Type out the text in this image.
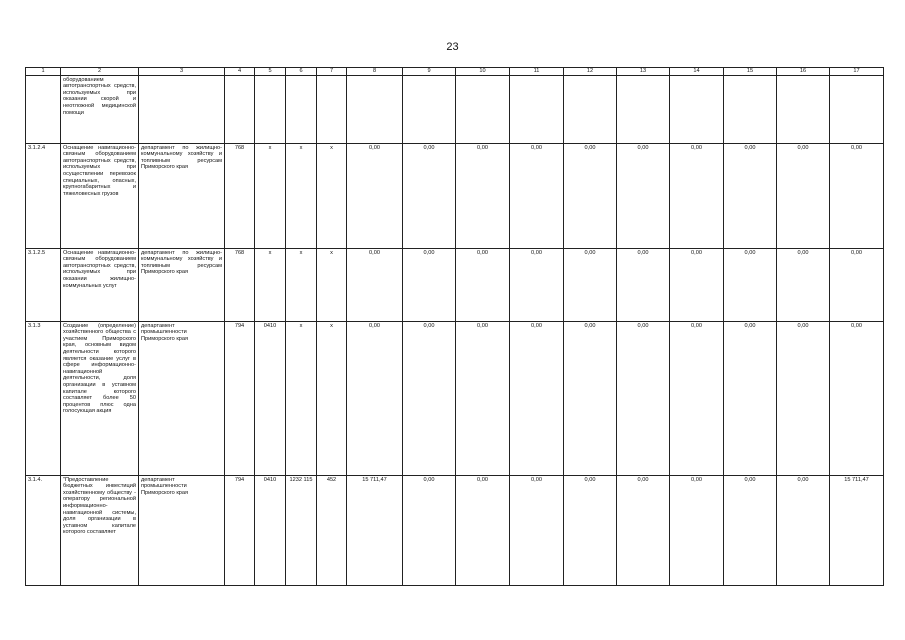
23
1	2	3	4	5	6	7	8	9	10	11	12	13	14	15	16	17
	оборудованием автотранспортных средств, используемых при оказании скорой и неотложной медицинской помощи															
3.1.2.4	Оснащение навигационно-связным оборудованием автотранспортных средств, используемых при осуществлении перевозок специальных, опасных, крупногабаритных и тяжеловесных грузов	департамент по жилищно-коммунальному хозяйству и топливным ресурсам Приморского края	768	х	х	х	0,00	0,00	0,00	0,00	0,00	0,00	0,00	0,00	0,00	0,00
3.1.2.5	Оснащение навигационно-связным оборудованием автотранспортных средств, используемых при оказании жилищно-коммунальных услуг	департамент по жилищно-коммунальному хозяйству и топливным ресурсам Приморского края	768	х	х	х	0,00	0,00	0,00	0,00	0,00	0,00	0,00	0,00	0,00	0,00
3.1.3	Создание (определение) хозяйственного общества с участием Приморского края, основным видом деятельности которого является оказание услуг в сфере информационно-навигационной деятельности, доля организации в уставном капитале которого составляет более 50 процентов плюс одна голосующая акция	департамент промышленности Приморского края	794	0410	х	х	0,00	0,00	0,00	0,00	0,00	0,00	0,00	0,00	0,00	0,00
3.1.4.	"Предоставление бюджетных инвестиций хозяйственному обществу - оператору региональной информационно-навигационной системы, доля организации в уставном капитале которого составляет	департамент промышленности Приморского края	794	0410	1232 115	452	15 711,47	0,00	0,00	0,00	0,00	0,00	0,00	0,00	0,00	15 711,47
